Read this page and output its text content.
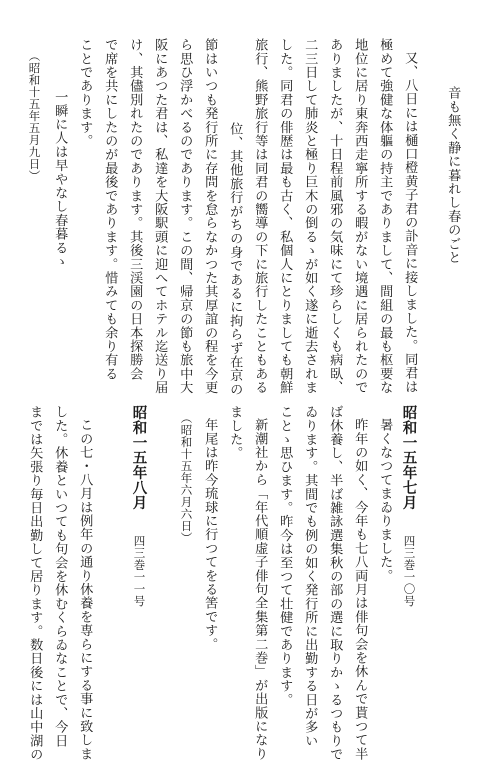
音も無く静に暮れし春のごと
又、八日には樋口橙黄子君の訃音に接しました。同君は
極めて強健な体軀の持主でありまして、間組の最も枢要な
地位に居り東奔西走寧所する暇がない境遇に居られたので
ありましたが、十日程前風邪の気味にて珍らしくも病臥、
二三日して肺炎と極り巨木の倒るゝが如く遂に逝去されま
した。同君の俳歴は最も古く、私個人にとりましても朝鮮
旅行、熊野旅行等は同君の嚮導の下に旅行したこともある
位、其他旅行がちの身であるに拘らず在京の
節はいつも発行所に存問を怠らなかつた其厚誼の程を今更
ら思ひ浮かべるのであります。この間、帰京の節も旅中大
阪にあつた君は、私達を大阪駅頭に迎へてホテル迄送り届
け、其儘別れたのであります。其後三渓園の日本探勝会
で席を共にしたのが最後であります。惜みても余り有る
ことであります。
一瞬に人は早やなし春暮るゝ
（昭和十五年五月九日）
昭和一五年七月
四三巻一〇号
暑くなつてまゐりました。
昨年の如く、今年も七八両月は俳句会を休んで貰つて半
ば休養し、半ば雑詠選集秋の部の選に取りかゝるつもりで
ゐります。其間でも例の如く発行所に出勤する日が多い
ことゝ思ひます。昨今は至つて壮健であります。
新潮社から「年代順虚子俳句全集第二巻」が出版になり
ました。
年尾は昨今琉球に行つてをる筈です。
（昭和十五年六月六日）
昭和一五年八月
四三巻一一号
この七・八月は例年の通り休養を専らにする事に致しま
した。休養といつても句会を休むくらゐなことで、今日
までは矢張り毎日出勤して居ります。数日後には山中湖の
